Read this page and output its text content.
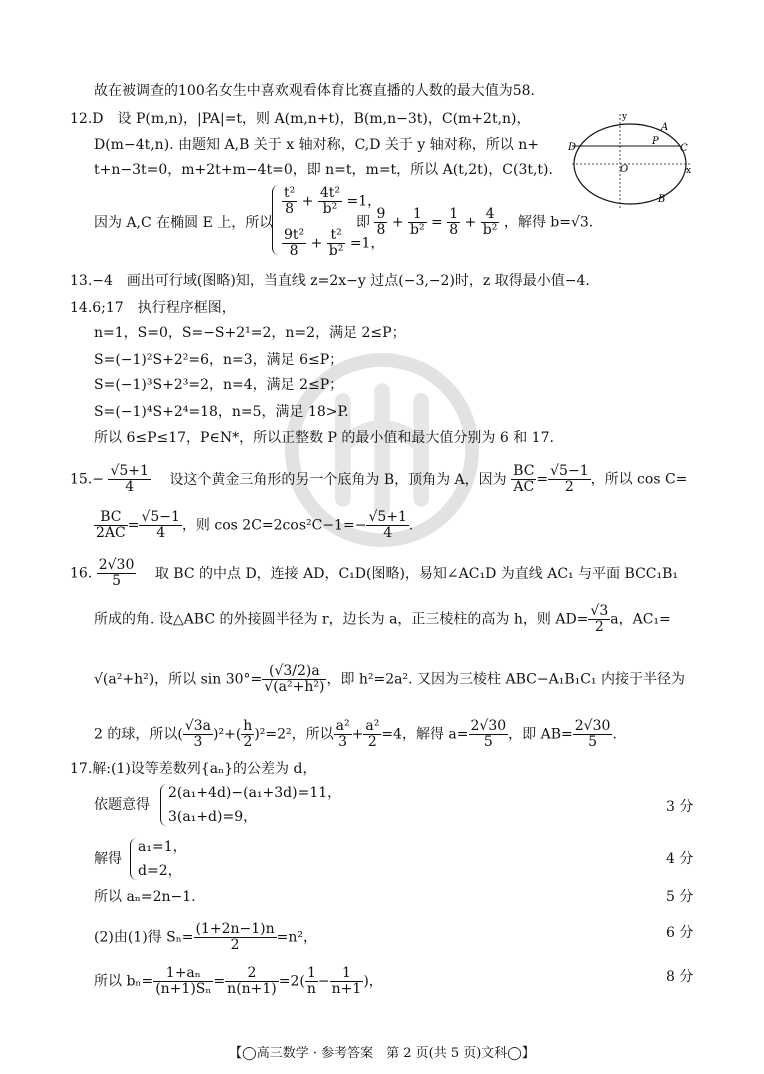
故在被调查的100名女生中喜欢观看体育比赛直播的人数的最大值为58.
12.D　设 P(m,n)，|PA|=t，则 A(m,n+t)，B(m,n−3t)，C(m+2t,n)，
D(m−4t,n). 由题知 A,B 关于 x 轴对称，C,D 关于 y 轴对称，所以 n+
t+n−3t=0，m+2t+m−4t=0，即 n=t，m=t，所以 A(t,2t)，C(3t,t).
因为 A,C 在椭圆 E 上，所以
$\frac{\text{t²}}{8} + \frac{\text{4t²}}{\text{b²}} =1$，
$\frac{\text{9t²}}{8} + \frac{\text{t²}}{\text{b²}} =1$，
即 $\frac{9}{8} + \frac{1}{\text{b²}} = \frac{1}{8} + \frac{4}{\text{b²}}$ ，解得 b=√3.
y
x
A
P
C
D
O
B
13.−4　画出可行域(图略)知，当直线 z=2x−y 过点(−3,−2)时，z 取得最小值−4.
14.6;17　执行程序框图，
n=1，S=0，S=−S+2¹=2，n=2，满足 2≤P；
S=(−1)²S+2²=6，n=3，满足 6≤P；
S=(−1)³S+2³=2，n=4，满足 2≤P；
S=(−1)⁴S+2⁴=18，n=5，满足 18>P.
所以 6≤P≤17，P∈N*，所以正整数 P 的最小值和最大值分别为 6 和 17.
$15.- \frac{√5+1}{4}$ 设这个黄金三角形的另一个底角为 B，顶角为 A，因为 $\frac{BC}{AC} = \frac{√5-1}{2}$ ，所以 cos C=
$\frac{BC}{2AC} = \frac{√5-1}{4}$ ，则 $\cos 2C=2\cos^2C-1=- \frac{√5+1}{4}$ .
16. $\frac{2√30}{5}$ 取 BC 的中点 D，连接 AD，C₁D(图略)，易知∠AC₁D 为直线 AC₁ 与平面 BCC₁B₁
所成的角. 设△ABC 的外接圆半径为 r，边长为 a，正三棱柱的高为 h，则 $AD= \frac{√3}{2}$ a，AC₁=
√(a²+h²)，所以 $\sin 30^\circ= \frac{(√3/2)a}{\text{√(a²+h²)}}$ ，即 h²=2a². 又因为三棱柱 ABC−A₁B₁C₁ 内接于半径为
2 的球，所以( $\frac{√3a}{3} )^2+( \frac{h}{2} )^2=2^2$，所以 $\frac{\text{a²}}{3} + \frac{\text{a²}}{2} =4$，解得 $a= \frac{2√30}{5}$ ，即 $AB= \frac{2√30}{5}$ .
17.解:(1)设等差数列{aₙ}的公差为 d，
依题意得
2(a₁+4d)−(a₁+3d)=11，
3(a₁+d)=9，
3 分
解得
a₁=1，
d=2，
4 分
所以 aₙ=2n−1.	5 分
(2)由(1)得 $S_n= \frac{(1+2n-1)n}{2} =n^2$，	6 分
所以 $b_n= \frac{\text{1+aₙ}}{\text{(n+1)Sₙ}} = \frac{2}{n(n+1)} =2( \frac{1}{n} - \frac{1}{n+1}$ )，	8 分
【◯高三数学 · 参考答案　第 2 页(共 5 页)文科◯】
